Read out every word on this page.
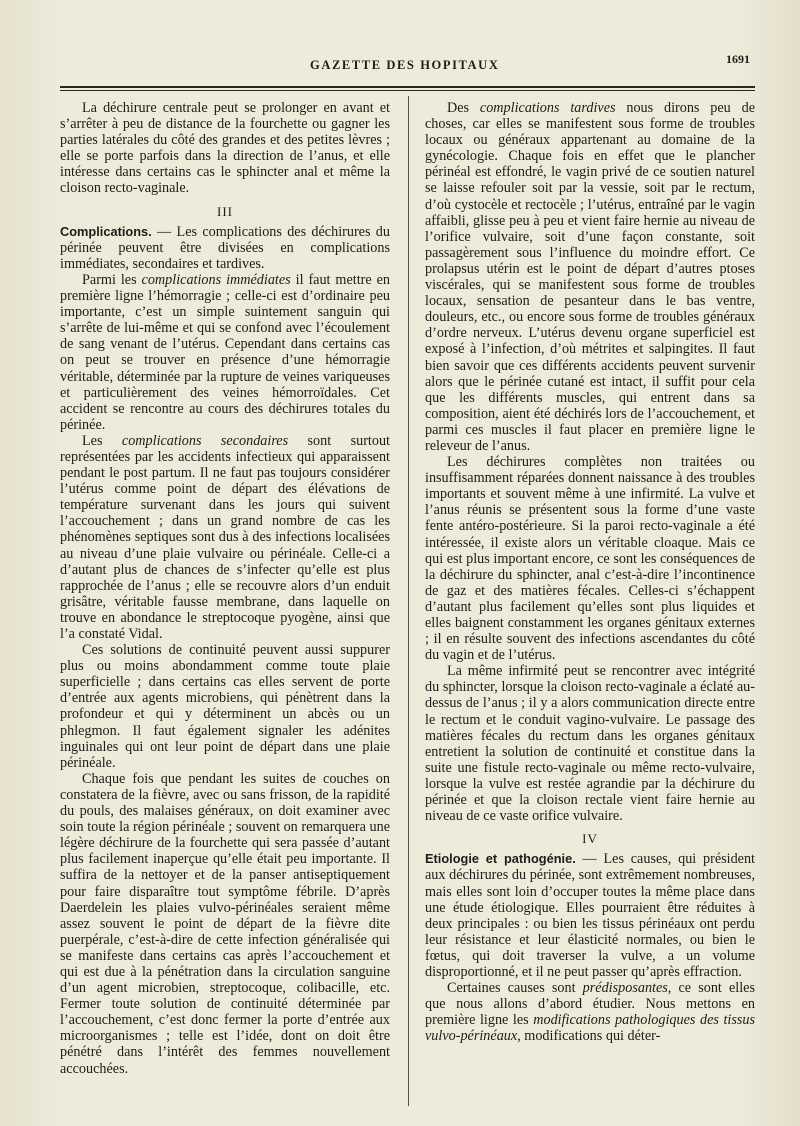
GAZETTE DES HOPITAUX	1691

La déchirure centrale peut se prolonger en avant et s’arrêter à peu de distance de la fourchette ou gagner les parties latérales du côté des grandes et des petites lèvres ; elle se porte parfois dans la direction de l’anus, et elle intéresse dans certains cas le sphincter anal et même la cloison recto-vaginale.

III

Complications. — Les complications des déchirures du périnée peuvent être divisées en complications immédiates, secondaires et tardives.

Parmi les complications immédiates il faut mettre en première ligne l’hémorragie ; celle-ci est d’ordinaire peu importante, c’est un simple suintement sanguin qui s’arrête de lui-même et qui se confond avec l’écoulement de sang venant de l’utérus. Cependant dans certains cas on peut se trouver en présence d’une hémorragie véritable, déterminée par la rupture de veines variqueuses et particulièrement des veines hémorroïdales. Cet accident se rencontre au cours des déchirures totales du périnée.

Les complications secondaires sont surtout représentées par les accidents infectieux qui apparaissent pendant le post partum. Il ne faut pas toujours considérer l’utérus comme point de départ des élévations de température survenant dans les jours qui suivent l’accouchement ; dans un grand nombre de cas les phénomènes septiques sont dus à des infections localisées au niveau d’une plaie vulvaire ou périnéale. Celle-ci a d’autant plus de chances de s’infecter qu’elle est plus rapprochée de l’anus ; elle se recouvre alors d’un enduit grisâtre, véritable fausse membrane, dans laquelle on trouve en abondance le streptocoque pyogène, ainsi que l’a constaté Vidal.

Ces solutions de continuité peuvent aussi suppurer plus ou moins abondamment comme toute plaie superficielle ; dans certains cas elles servent de porte d’entrée aux agents microbiens, qui pénètrent dans la profondeur et qui y déterminent un abcès ou un phlegmon. Il faut également signaler les adénites inguinales qui ont leur point de départ dans une plaie périnéale.

Chaque fois que pendant les suites de couches on constatera de la fièvre, avec ou sans frisson, de la rapidité du pouls, des malaises généraux, on doit examiner avec soin toute la région périnéale ; souvent on remarquera une légère déchirure de la fourchette qui sera passée d’autant plus facilement inaperçue qu’elle était peu importante. Il suffira de la nettoyer et de la panser antiseptiquement pour faire disparaître tout symptôme fébrile. D’après Daerdelein les plaies vulvo-périnéales seraient même assez souvent le point de départ de la fièvre dite puerpérale, c’est-à-dire de cette infection généralisée qui se manifeste dans certains cas après l’accouchement et qui est due à la pénétration dans la circulation sanguine d’un agent microbien, streptocoque, colibacille, etc. Fermer toute solution de continuité déterminée par l’accouchement, c’est donc fermer la porte d’entrée aux microorganismes ; telle est l’idée, dont on doit être pénétré dans l’intérêt des femmes nouvellement accouchées.

Des complications tardives nous dirons peu de choses, car elles se manifestent sous forme de troubles locaux ou généraux appartenant au domaine de la gynécologie. Chaque fois en effet que le plancher périnéal est effondré, le vagin privé de ce soutien naturel se laisse refouler soit par la vessie, soit par le rectum, d’où cystocèle et rectocèle ; l’utérus, entraîné par le vagin affaibli, glisse peu à peu et vient faire hernie au niveau de l’orifice vulvaire, soit d’une façon constante, soit passagèrement sous l’influence du moindre effort. Ce prolapsus utérin est le point de départ d’autres ptoses viscérales, qui se manifestent sous forme de troubles locaux, sensation de pesanteur dans le bas ventre, douleurs, etc., ou encore sous forme de troubles généraux d’ordre nerveux. L’utérus devenu organe superficiel est exposé à l’infection, d’où métrites et salpingites. Il faut bien savoir que ces différents accidents peuvent survenir alors que le périnée cutané est intact, il suffit pour cela que les différents muscles, qui entrent dans sa composition, aient été déchirés lors de l’accouchement, et parmi ces muscles il faut placer en première ligne le releveur de l’anus.

Les déchirures complètes non traitées ou insuffisamment réparées donnent naissance à des troubles importants et souvent même à une infirmité. La vulve et l’anus réunis se présentent sous la forme d’une vaste fente antéro-postérieure. Si la paroi recto-vaginale a été intéressée, il existe alors un véritable cloaque. Mais ce qui est plus important encore, ce sont les conséquences de la déchirure du sphincter, anal c’est-à-dire l’incontinence de gaz et des matières fécales. Celles-ci s’échappent d’autant plus facilement qu’elles sont plus liquides et elles baignent constamment les organes génitaux externes ; il en résulte souvent des infections ascendantes du côté du vagin et de l’utérus.

La même infirmité peut se rencontrer avec intégrité du sphincter, lorsque la cloison recto-vaginale a éclaté au-dessus de l’anus ; il y a alors communication directe entre le rectum et le conduit vagino-vulvaire. Le passage des matières fécales du rectum dans les organes génitaux entretient la solution de continuité et constitue dans la suite une fistule recto-vaginale ou même recto-vulvaire, lorsque la vulve est restée agrandie par la déchirure du périnée et que la cloison rectale vient faire hernie au niveau de ce vaste orifice vulvaire.

IV

Etiologie et pathogénie. — Les causes, qui président aux déchirures du périnée, sont extrêmement nombreuses, mais elles sont loin d’occuper toutes la même place dans une étude étiologique. Elles pourraient être réduites à deux principales : ou bien les tissus périnéaux ont perdu leur résistance et leur élasticité normales, ou bien le fœtus, qui doit traverser la vulve, a un volume disproportionné, et il ne peut passer qu’après effraction.

Certaines causes sont prédisposantes, ce sont elles que nous allons d’abord étudier. Nous mettons en première ligne les modifications pathologiques des tissus vulvo-périnéaux, modifications qui déter-
